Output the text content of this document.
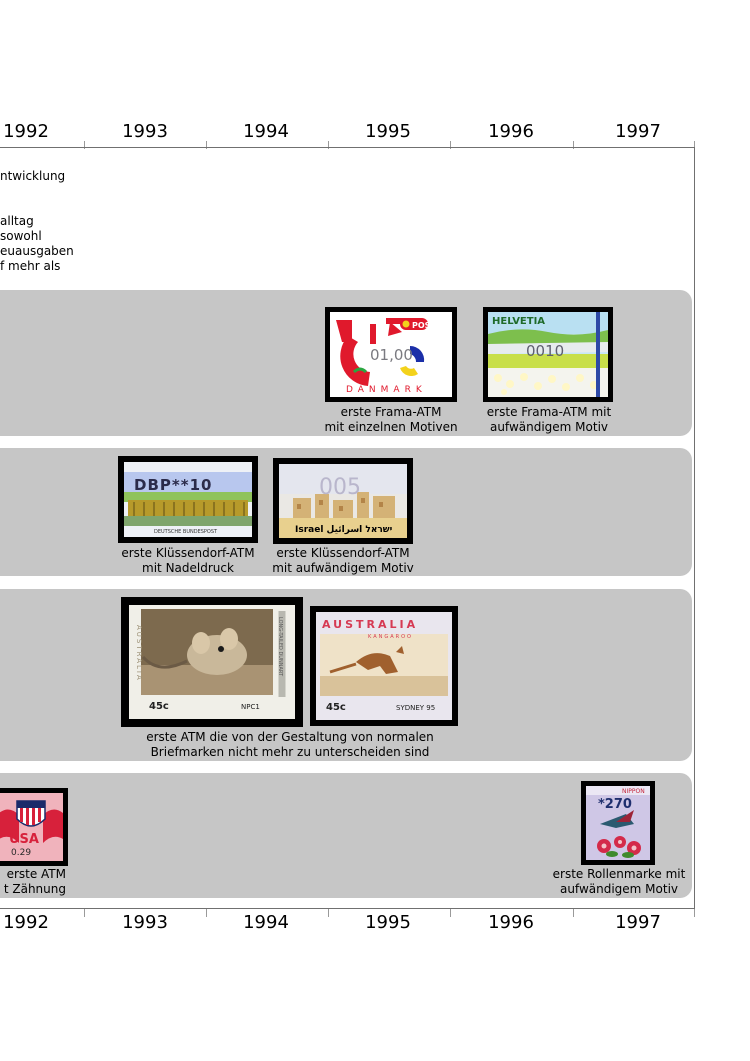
1992	1993	1994	1995	1996	1997
ntwicklung
alltag
sowohl
euausgaben
f mehr als
POST
01,00
DANMARK
erste Frama-ATM
mit einzelnen Motiven
HELVETIA
0010
erste Frama-ATM mit
aufwändigem Motiv
DBP**10
DEUTSCHE BUNDESPOST
erste Klüssendorf-ATM
mit Nadeldruck
005
Israel ישראל اسرائيل
erste Klüssendorf-ATM
mit aufwändigem Motiv
45c	NPC1
AUSTRALIA	LONG-TAILED DUNNART	AUSTRALIA
KANGAROO
45c	SYDNEY 95
erste ATM die von der Gestaltung von normalen
Briefmarken nicht mehr zu unterscheiden sind
USA
0.29
erste ATM
t Zähnung
NIPPON
*270
erste Rollenmarke mit
aufwändigem Motiv
1992	1993	1994	1995	1996	1997
